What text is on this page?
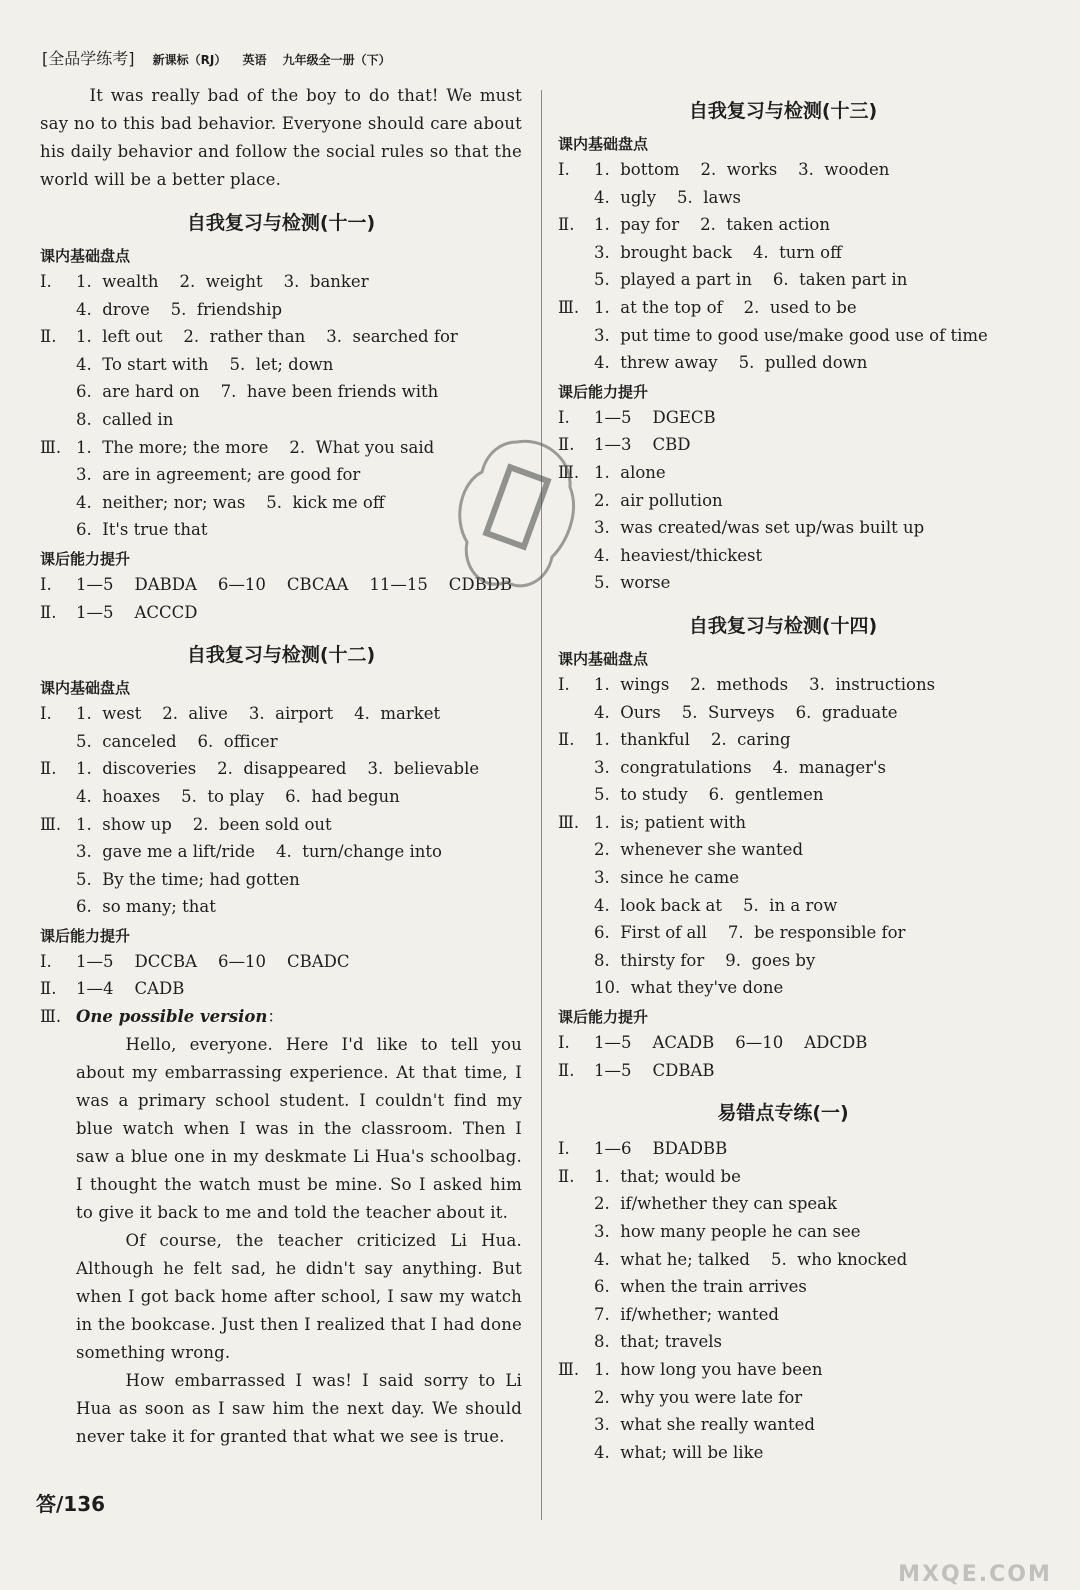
[全品学练考] 新课标（RJ） 英语 九年级全一册（下）

It was really bad of the boy to do that! We must say no to this bad behavior. Everyone should care about his daily behavior and follow the social rules so that the world will be a better place.

自我复习与检测(十一)
课内基础盘点
Ⅰ. 1.  wealth    2.  weight    3.  banker
4.  drove    5.  friendship
Ⅱ. 1.  left out    2.  rather than    3.  searched for
4.  To start with    5.  let; down
6.  are hard on    7.  have been friends with
8.  called in
Ⅲ. 1.  The more; the more    2.  What you said
3.  are in agreement; are good for
4.  neither; nor; was    5.  kick me off
6.  It's true that
课后能力提升
Ⅰ. 1—5    DABDA    6—10    CBCAA    11—15    CDBDB
Ⅱ. 1—5    ACCCD
自我复习与检测(十二)
课内基础盘点
Ⅰ. 1.  west    2.  alive    3.  airport    4.  market
5.  canceled    6.  officer
Ⅱ. 1.  discoveries    2.  disappeared    3.  believable
4.  hoaxes    5.  to play    6.  had begun
Ⅲ. 1.  show up    2.  been sold out
3.  gave me a lift/ride    4.  turn/change into
5.  By the time; had gotten
6.  so many; that
课后能力提升
Ⅰ. 1—5    DCCBA    6—10    CBADC
Ⅱ. 1—4    CADB
Ⅲ. One possible version：

Hello, everyone. Here I'd like to tell you about my embarrassing experience. At that time, I was a primary school student. I couldn't find my blue watch when I was in the classroom. Then I saw a blue one in my deskmate Li Hua's schoolbag. I thought the watch must be mine. So I asked him to give it back to me and told the teacher about it.

Of course, the teacher criticized Li Hua. Although he felt sad, he didn't say anything. But when I got back home after school, I saw my watch in the bookcase. Just then I realized that I had done something wrong.

How embarrassed I was! I said sorry to Li Hua as soon as I saw him the next day. We should never take it for granted that what we see is true.

自我复习与检测(十三)
课内基础盘点
Ⅰ. 1.  bottom    2.  works    3.  wooden
4.  ugly    5.  laws
Ⅱ. 1.  pay for    2.  taken action
3.  brought back    4.  turn off
5.  played a part in    6.  taken part in
Ⅲ. 1.  at the top of    2.  used to be
3.  put time to good use/make good use of time
4.  threw away    5.  pulled down
课后能力提升
Ⅰ. 1—5    DGECB
Ⅱ. 1—3    CBD
Ⅲ. 1.  alone
2.  air pollution
3.  was created/was set up/was built up
4.  heaviest/thickest
5.  worse
自我复习与检测(十四)
课内基础盘点
Ⅰ. 1.  wings    2.  methods    3.  instructions
4.  Ours    5.  Surveys    6.  graduate
Ⅱ. 1.  thankful    2.  caring
3.  congratulations    4.  manager's
5.  to study    6.  gentlemen
Ⅲ. 1.  is; patient with
2.  whenever she wanted
3.  since he came
4.  look back at    5.  in a row
6.  First of all    7.  be responsible for
8.  thirsty for    9.  goes by
10.  what they've done
课后能力提升
Ⅰ. 1—5    ACADB    6—10    ADCDB
Ⅱ. 1—5    CDBAB
易错点专练(一)
Ⅰ. 1—6    BDADBB
Ⅱ. 1.  that; would be
2.  if/whether they can speak
3.  how many people he can see
4.  what he; talked    5.  who knocked
6.  when the train arrives
7.  if/whether; wanted
8.  that; travels
Ⅲ. 1.  how long you have been
2.  why you were late for
3.  what she really wanted
4.  what; will be like
答/136
MXQE.COM
